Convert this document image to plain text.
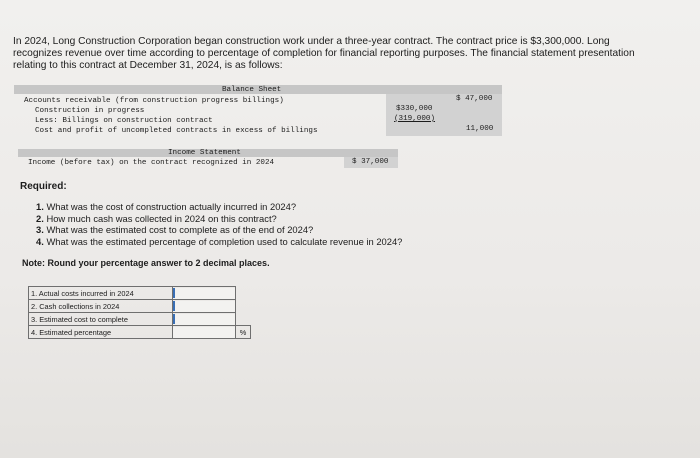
In 2024, Long Construction Corporation began construction work under a three-year contract. The contract price is $3,300,000. Long recognizes revenue over time according to percentage of completion for financial reporting purposes. The financial statement presentation relating to this contract at December 31, 2024, is as follows:
Balance Sheet
Accounts receivable (from construction progress billings)	$ 47,000
Construction in progress	$330,000
Less: Billings on construction contract	(319,000)
Cost and profit of uncompleted contracts in excess of billings	11,000
Income Statement
Income (before tax) on the contract recognized in 2024	$ 37,000
Required:
1. What was the cost of construction actually incurred in 2024?
2. How much cash was collected in 2024 on this contract?
3. What was the estimated cost to complete as of the end of 2024?
4. What was the estimated percentage of completion used to calculate revenue in 2024?
Note: Round your percentage answer to 2 decimal places.
1. Actual costs incurred in 2024	

2. Cash collections in 2024	

3. Estimated cost to complete	

4. Estimated percentage		%
